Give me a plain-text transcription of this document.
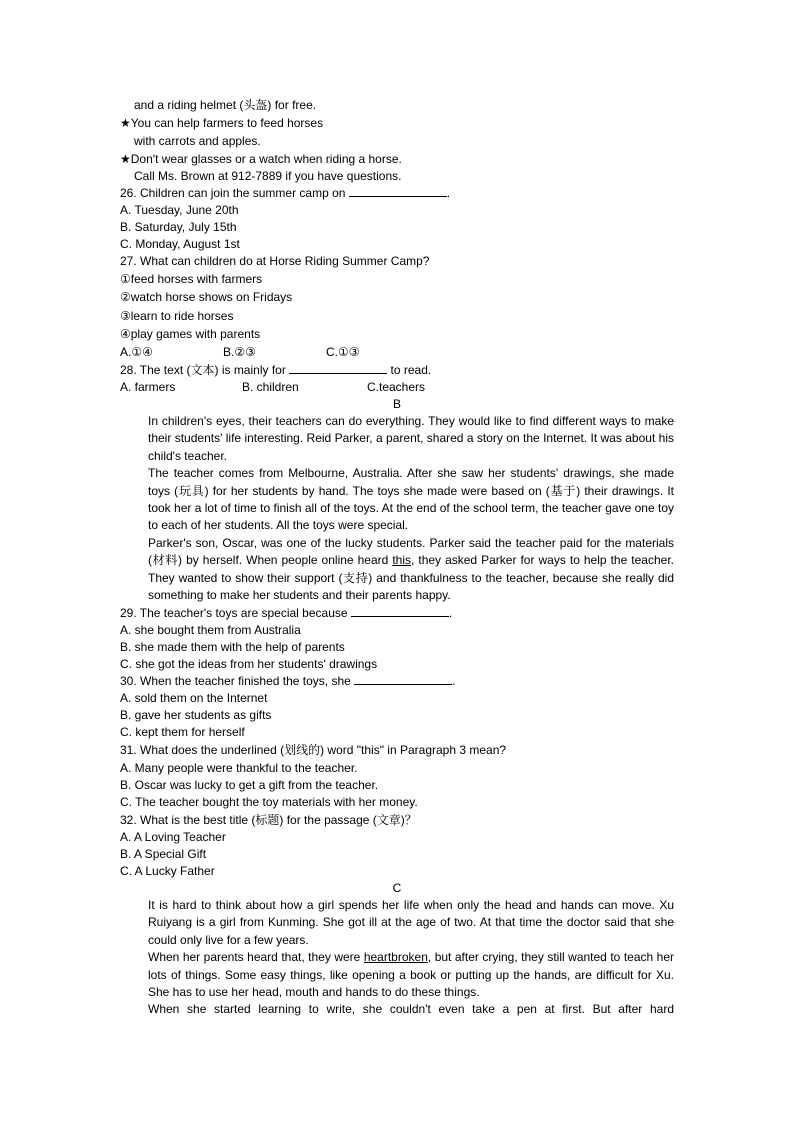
and a riding helmet (头盔) for free.
★You can help farmers to feed horses
with carrots and apples.
★Don't wear glasses or a watch when riding a horse.
Call Ms. Brown at 912-7889 if you have questions.
26. Children can join the summer camp on	.
A. Tuesday, June 20th
B. Saturday, July 15th
C. Monday, August 1st
27. What can children do at Horse Riding Summer Camp?
①feed horses with farmers
②watch horse shows on Fridays
③learn to ride horses
④play games with parents
A.①④	B.②③	C.①③
28. The text (文本) is mainly for	to read.
A. farmers	B. children	C.teachers
B
In children's eyes, their teachers can do everything. They would like to find different ways to make their students' life interesting. Reid Parker, a parent, shared a story on the Internet. It was about his child's teacher.
The teacher comes from Melbourne, Australia. After she saw her students' drawings, she made toys (玩具) for her students by hand. The toys she made were based on (基于) their drawings. It took her a lot of time to finish all of the toys. At the end of the school term, the teacher gave one toy to each of her students. All the toys were special.
Parker's son, Oscar, was one of the lucky students. Parker said the teacher paid for the materials (材料) by herself. When people online heard this, they asked Parker for ways to help the teacher. They wanted to show their support (支持) and thankfulness to the teacher, because she really did something to make her students and their parents happy.
29. The teacher's toys are special because	.
A. she bought them from Australia
B. she made them with the help of parents
C. she got the ideas from her students' drawings
30. When the teacher finished the toys, she	.
A. sold them on the Internet
B. gave her students as gifts
C. kept them for herself
31. What does the underlined (划线的) word "this" in Paragraph 3 mean?
A. Many people were thankful to the teacher.
B. Oscar was lucky to get a gift from the teacher.
C. The teacher bought the toy materials with her money.
32. What is the best title (标题) for the passage (文章)？
A. A Loving Teacher
B. A Special Gift
C. A Lucky Father
C
It is hard to think about how a girl spends her life when only the head and hands can move. Xu Ruiyang is a girl from Kunming. She got ill at the age of two. At that time the doctor said that she could only live for a few years.
When her parents heard that, they were heartbroken, but after crying, they still wanted to teach her lots of things. Some easy things, like opening a book or putting up the hands, are difficult for Xu. She has to use her head, mouth and hands to do these things.
When she started learning to write, she couldn't even take a pen at first. But after hard
